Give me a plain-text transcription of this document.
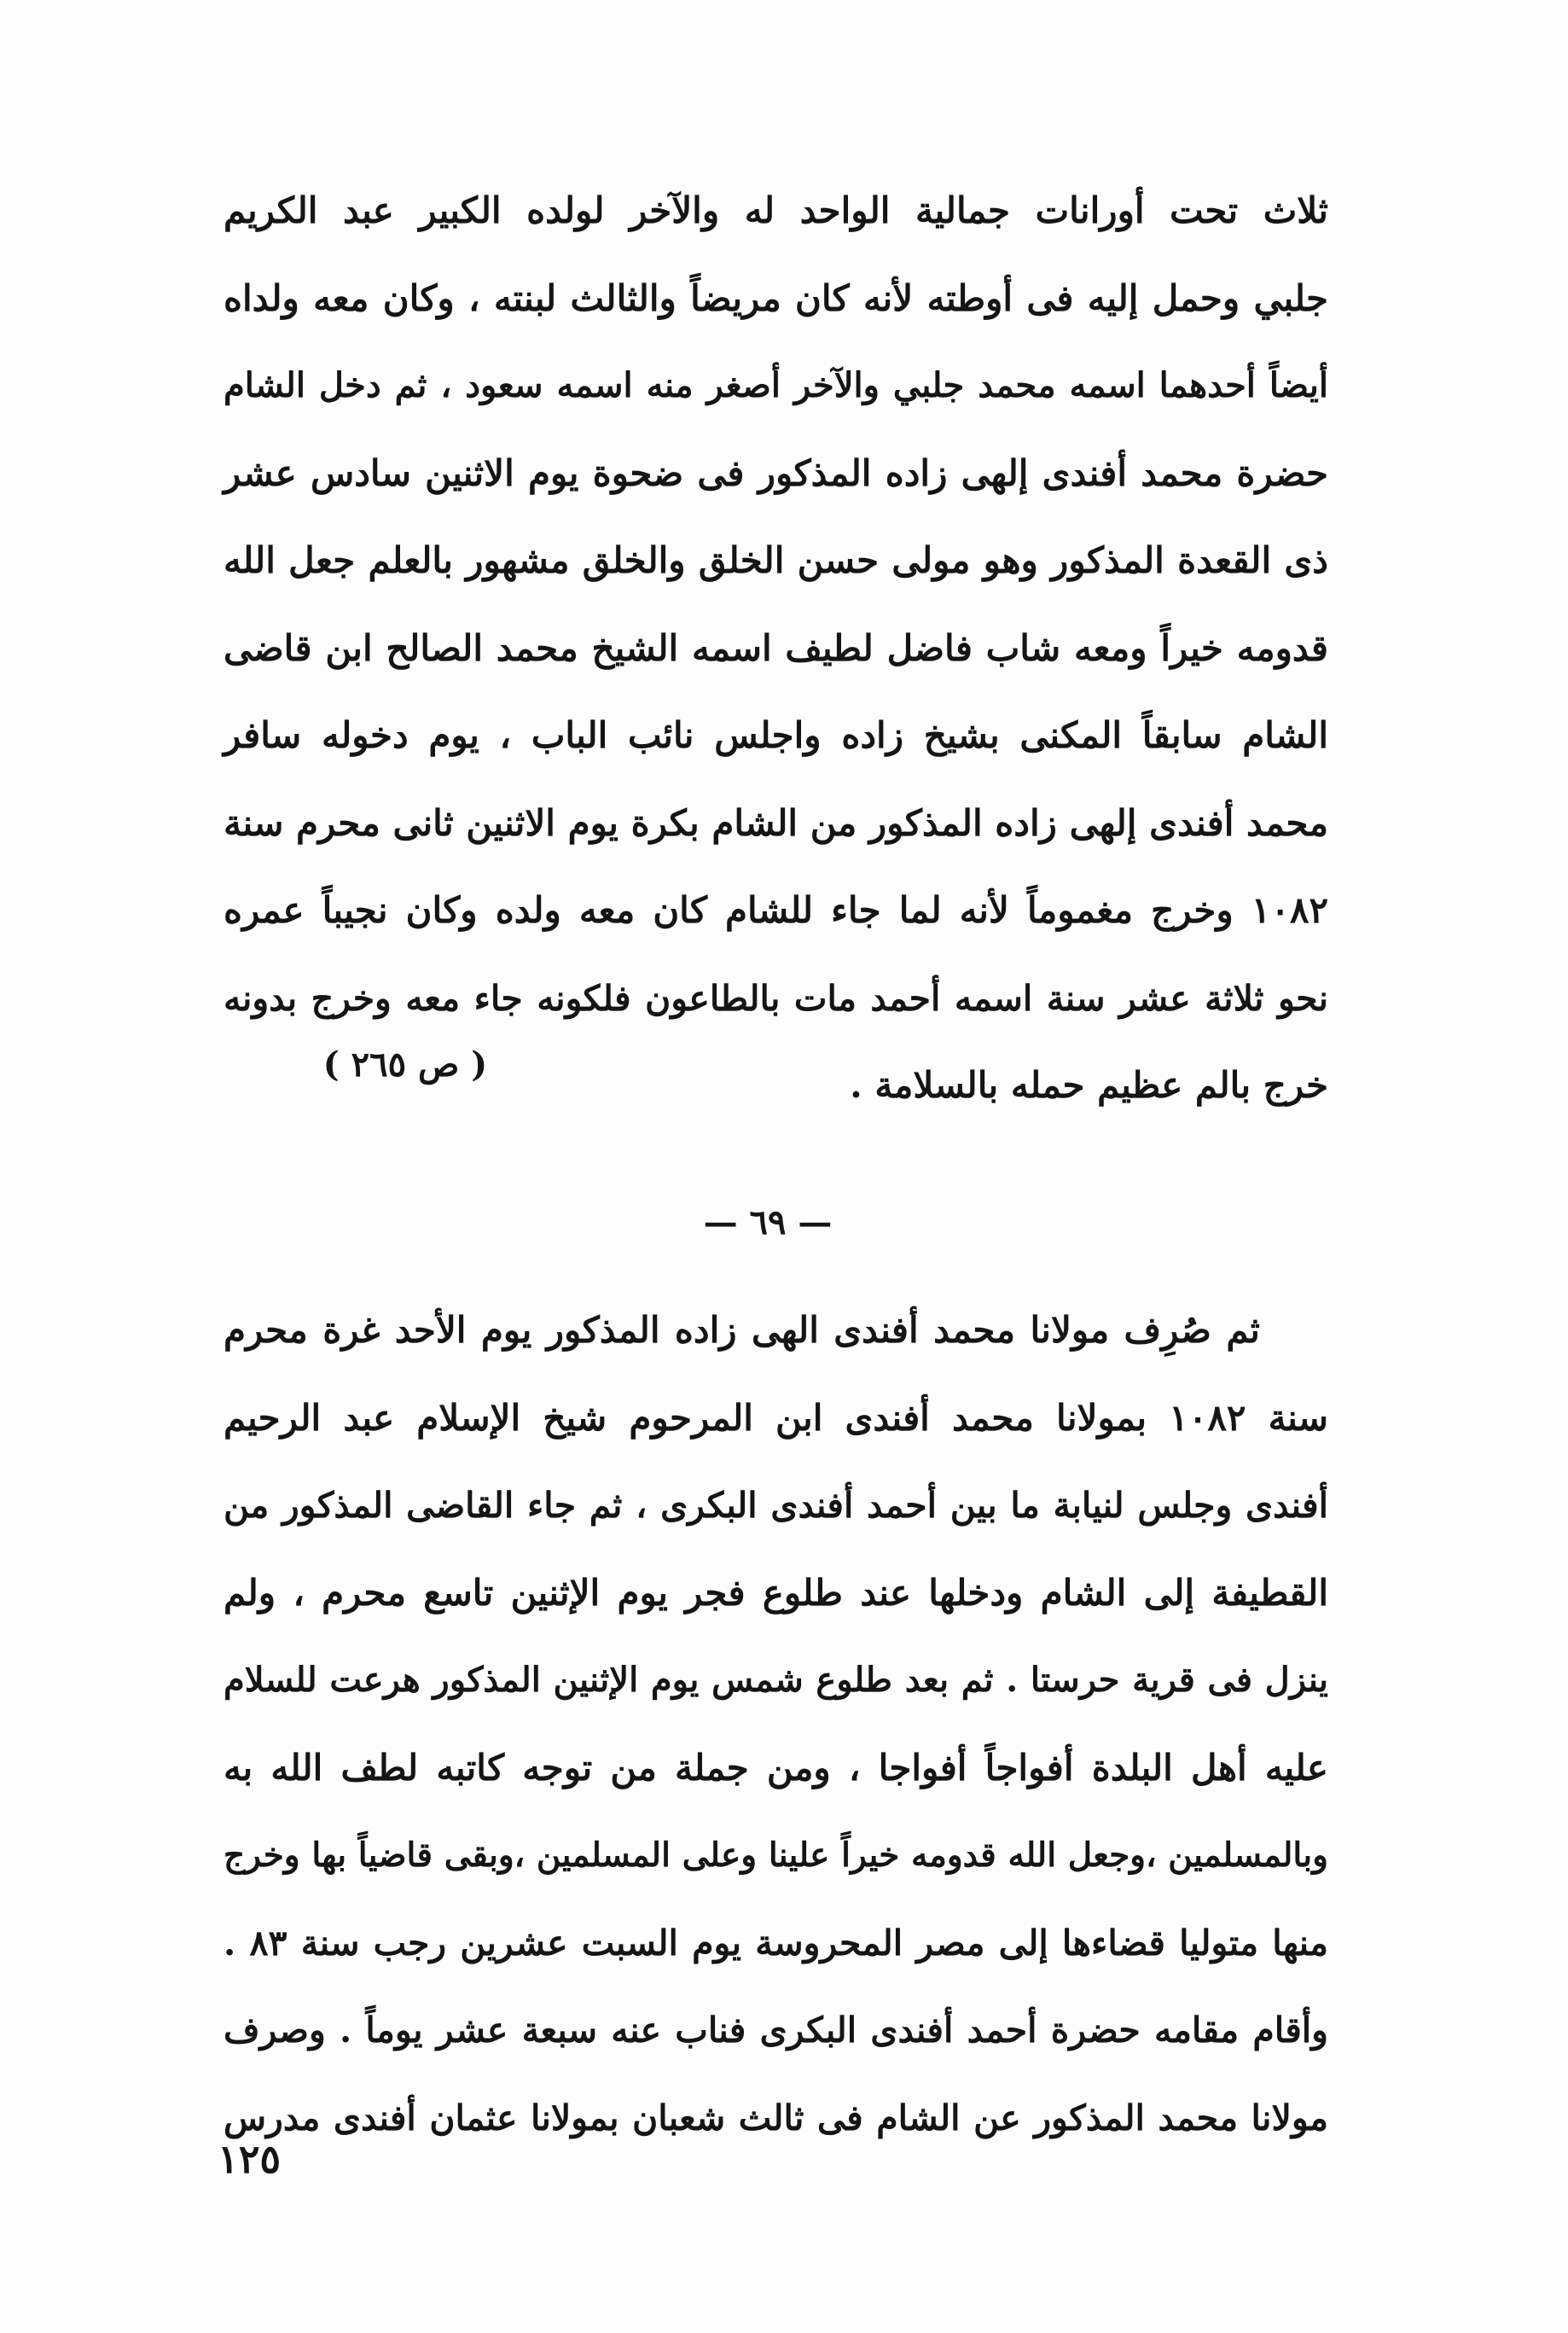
ثلاث تحت أورانات جمالية الواحد له والآخر لولده الكبير عبد الكريم
جلبي وحمل إليه فى أوطته لأنه كان مريضاً والثالث لبنته ، وكان معه ولداه
أيضاً أحدهما اسمه محمد جلبي والآخر أصغر منه اسمه سعود ، ثم دخل الشام
حضرة محمد أفندى إلهى زاده المذكور فى ضحوة يوم الاثنين سادس عشر
ذى القعدة المذكور وهو مولى حسن الخلق والخلق مشهور بالعلم جعل الله
قدومه خيراً ومعه شاب فاضل لطيف اسمه الشيخ محمد الصالح ابن قاضى
الشام سابقاً المكنى بشيخ زاده واجلس نائب الباب ، يوم دخوله سافر
محمد أفندى إلهى زاده المذكور من الشام بكرة يوم الاثنين ثانى محرم سنة
١٠٨٢ وخرج مغموماً لأنه لما جاء للشام كان معه ولده وكان نجيباً عمره
نحو ثلاثة عشر سنة اسمه أحمد مات بالطاعون فلكونه جاء معه وخرج بدونه
خرج بالم عظيم حمله بالسلامة .
( ص ٢٦٥ )
— ٦٩ —
ثم صُرِف مولانا محمد أفندى الهى زاده المذكور يوم الأحد غرة محرم
سنة ١٠٨٢ بمولانا محمد أفندى ابن المرحوم شيخ الإسلام عبد الرحيم
أفندى وجلس لنيابة ما بين أحمد أفندى البكرى ، ثم جاء القاضى المذكور من
القطيفة إلى الشام ودخلها عند طلوع فجر يوم الإثنين تاسع محرم ، ولم
ينزل فى قرية حرستا . ثم بعد طلوع شمس يوم الإثنين المذكور هرعت للسلام
عليه أهل البلدة أفواجاً أفواجا ، ومن جملة من توجه كاتبه لطف الله به
وبالمسلمين ،وجعل الله قدومه خيراً علينا وعلى المسلمين ،وبقى قاضياً بها وخرج
منها متوليا قضاءها إلى مصر المحروسة يوم السبت عشرين رجب سنة ٨٣ .
وأقام مقامه حضرة أحمد أفندى البكرى فناب عنه سبعة عشر يوماً . وصرف
مولانا محمد المذكور عن الشام فى ثالث شعبان بمولانا عثمان أفندى مدرس
١٢٥
